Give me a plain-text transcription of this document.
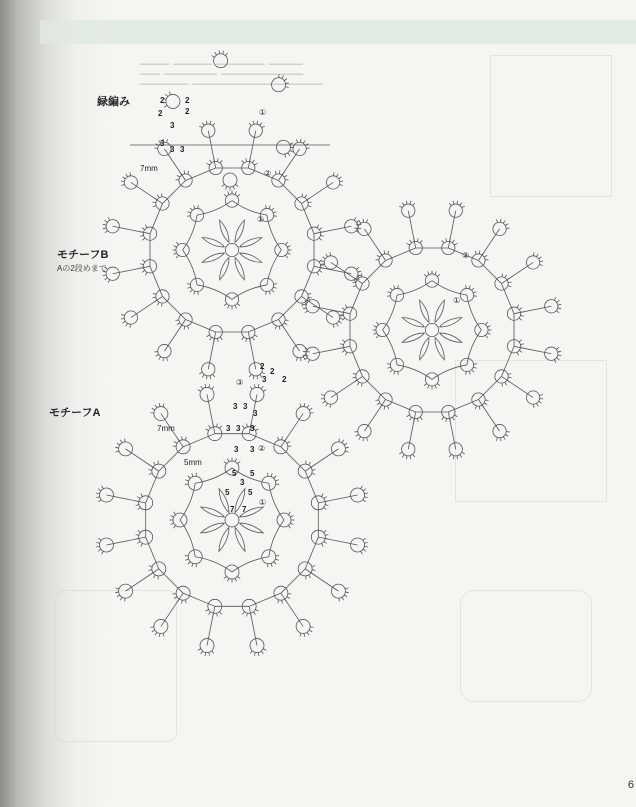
━━━━━━  ━━━━━━━━  ━━━━━━━━━━  ━━━━━━━
━━━━  ━━━━━━━━━━━  ━━━━━━━━━━━━━━━━━
━━━━━━━━━━  ━━━━━━━━━━━━━━━━━━━━━━━━━━━
緑編み
モチーフB
Aの2段めまで
モチーフA
6
①
②
①
②
①
③
②
①
7mm
7mm
5mm
2	2
2	2
3
3
3 3
2
2
2
3
3 3
3
3 3 3
3 3
5 5
3
5 5
7 7
